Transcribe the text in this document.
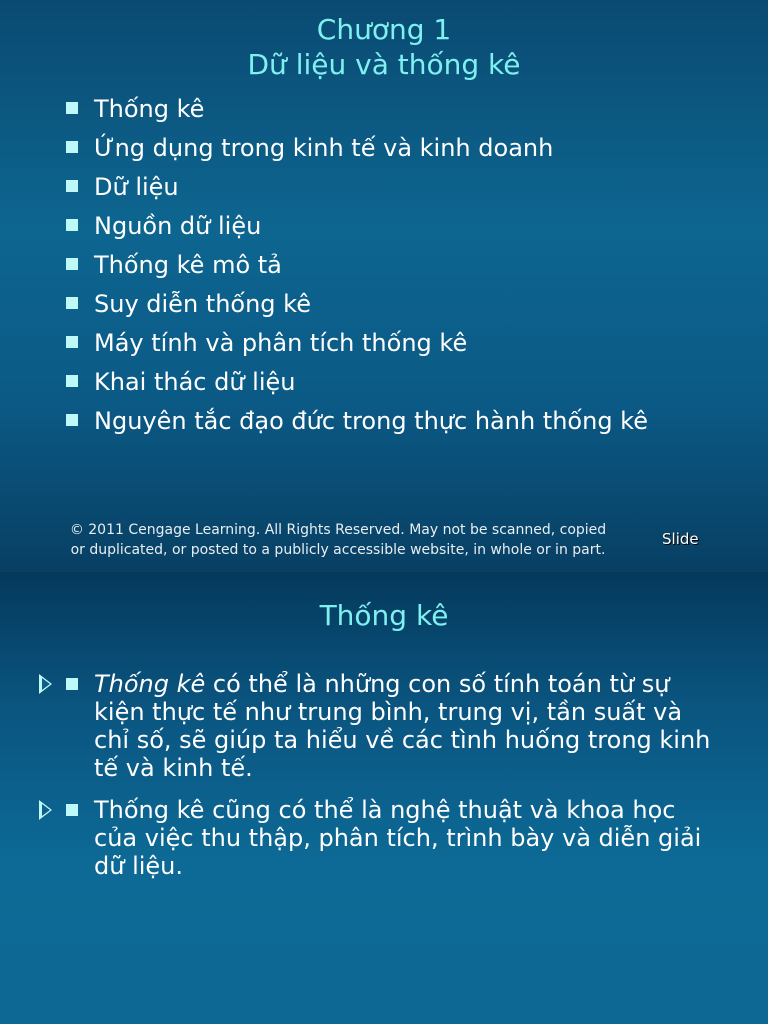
Chương 1
Dữ liệu và thống kê
Thống kê
Ứng dụng trong kinh tế và kinh doanh
Dữ liệu
Nguồn dữ liệu
Thống kê mô tả
Suy diễn thống kê
Máy tính và phân tích thống kê
Khai thác dữ liệu
Nguyên tắc đạo đức trong thực hành thống kê
© 2011 Cengage Learning. All Rights Reserved. May not be scanned, copied
or duplicated, or posted to a publicly accessible website, in whole or in part.
Slide
Thống kê
Thống kê có thể là những con số tính toán từ sự kiện thực tế như trung bình, trung vị, tần suất và chỉ số, sẽ giúp ta hiểu về các tình huống trong kinh tế và kinh tế.
Thống kê cũng có thể là nghệ thuật và khoa học của việc thu thập, phân tích, trình bày và diễn giải dữ liệu.
